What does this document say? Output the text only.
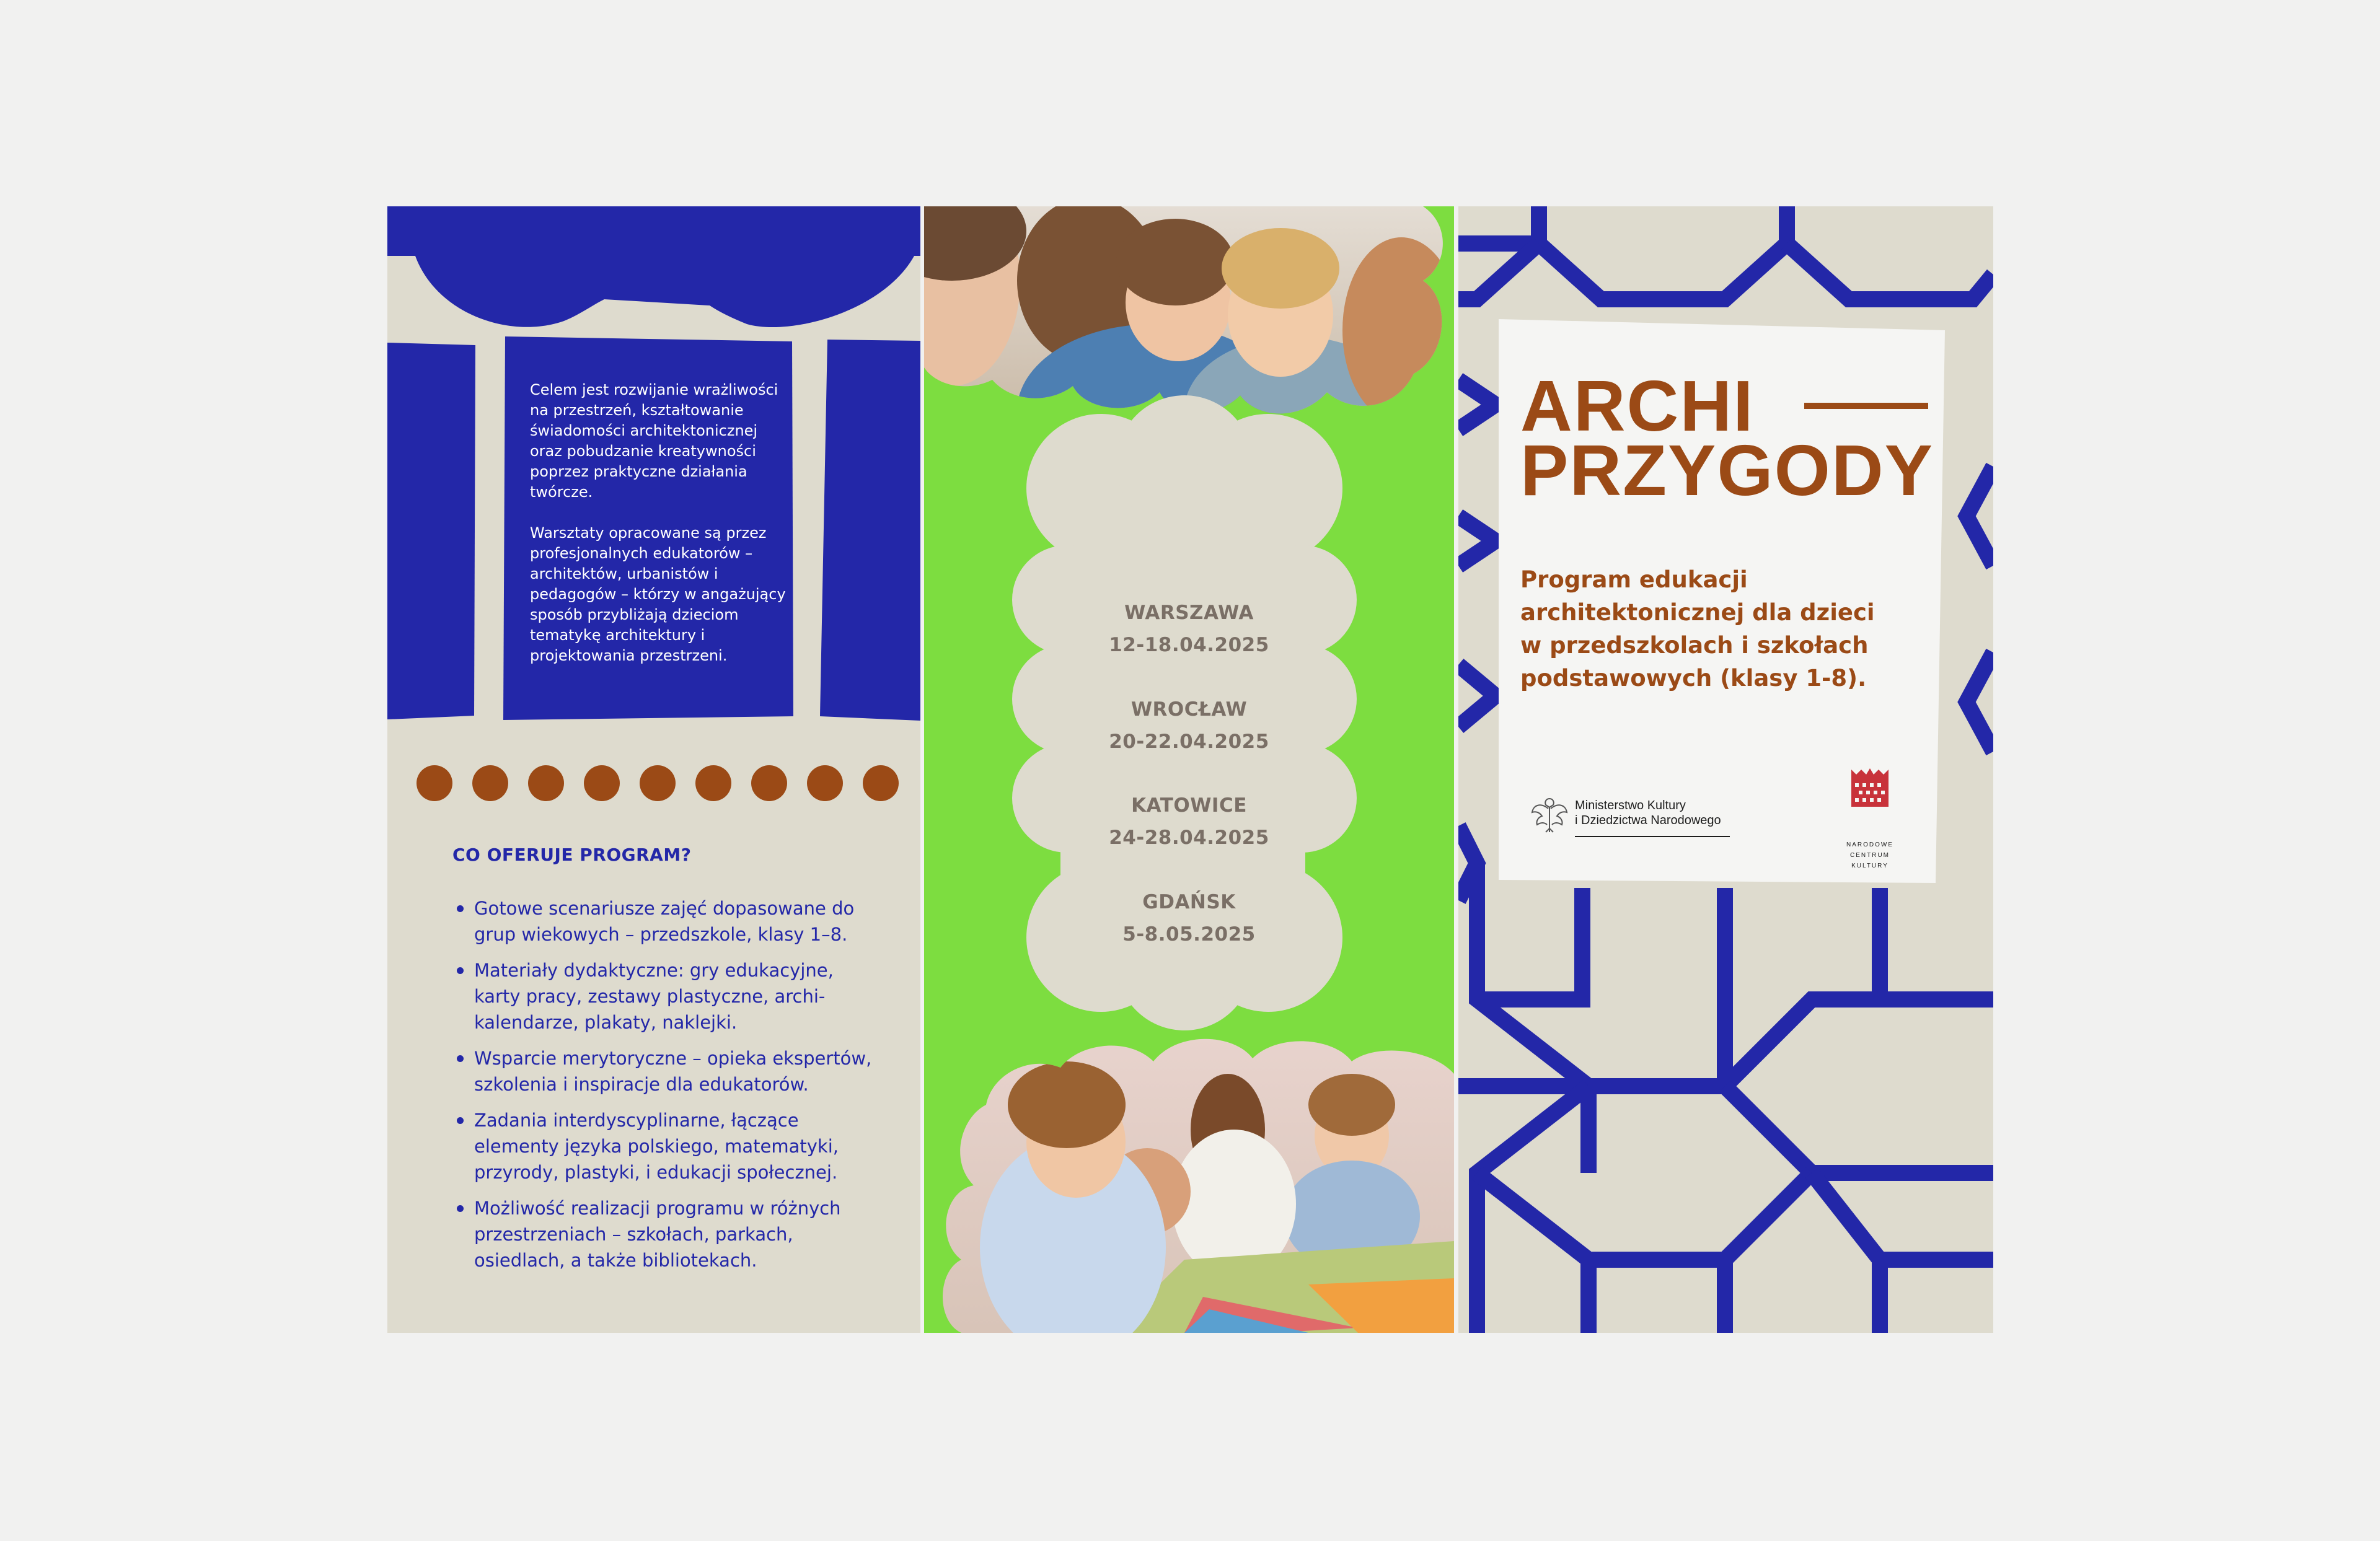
Celem jest rozwijanie wrażliwości na przestrzeń, kształtowanie świadomości architektonicznej oraz pobudzanie kreatywności poprzez praktyczne działania twórcze.

Warsztaty opracowane są przez profesjonalnych edukatorów – architektów, urbanistów i pedagogów – którzy w angażujący sposób przybliżają dzieciom tematykę architektury i projektowania przestrzeni.

CO OFERUJE PROGRAM?
Gotowe scenariusze zajęć dopasowane do grup wiekowych – przedszkole, klasy 1–8.
Materiały dydaktyczne: gry edukacyjne, karty pracy, zestawy plastyczne, archi-kalendarze, plakaty, naklejki.
Wsparcie merytoryczne – opieka ekspertów, szkolenia i inspiracje dla edukatorów.
Zadania interdyscyplinarne, łączące elementy języka polskiego, matematyki, przyrody, plastyki, i edukacji społecznej.
Możliwość realizacji programu w różnych przestrzeniach – szkołach, parkach, osiedlach, a także bibliotekach.
WARSZAWA
12-18.04.2025
WROCŁAW
20-22.04.2025
KATOWICE
24-28.04.2025
GDAŃSK
5-8.05.2025
ARCHI
PRZYGODY
Program edukacji architektonicznej dla dzieci w przedszkolach i szkołach podstawowych (klasy 1-8).
Ministerstwo Kultury
i Dziedzictwa Narodowego
NARODOWE
CENTRUM
KULTURY
